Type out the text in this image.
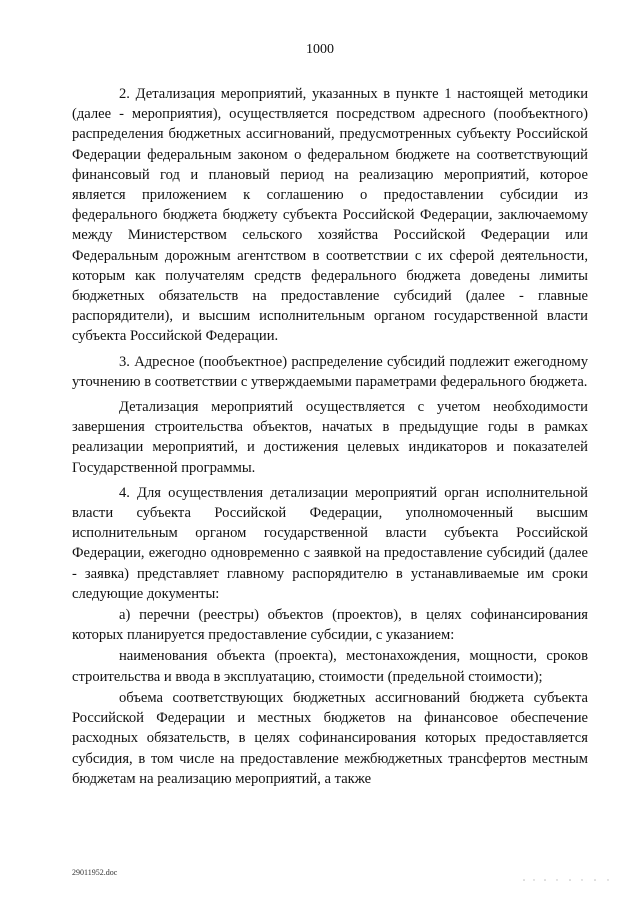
1000

2. Детализация мероприятий, указанных в пункте 1 настоящей методики (далее - мероприятия), осуществляется посредством адресного (пообъектного) распределения бюджетных ассигнований, предусмотренных субъекту Российской Федерации федеральным законом о федеральном бюджете на соответствующий финансовый год и плановый период на реализацию мероприятий, которое является приложением к соглашению о предоставлении субсидии из федерального бюджета бюджету субъекта Российской Федерации, заключаемому между Министерством сельского хозяйства Российской Федерации или Федеральным дорожным агентством в соответствии с их сферой деятельности, которым как получателям средств федерального бюджета доведены лимиты бюджетных обязательств на предоставление субсидий (далее - главные распорядители), и высшим исполнительным органом государственной власти субъекта Российской Федерации.

3. Адресное (пообъектное) распределение субсидий подлежит ежегодному уточнению в соответствии с утверждаемыми параметрами федерального бюджета.

Детализация мероприятий осуществляется с учетом необходимости завершения строительства объектов, начатых в предыдущие годы в рамках реализации мероприятий, и достижения целевых индикаторов и показателей Государственной программы.

4. Для осуществления детализации мероприятий орган исполнительной власти субъекта Российской Федерации, уполномоченный высшим исполнительным органом государственной власти субъекта Российской Федерации, ежегодно одновременно с заявкой на предоставление субсидий (далее - заявка) представляет главному распорядителю в устанавливаемые им сроки следующие документы:

а) перечни (реестры) объектов (проектов), в целях софинансирования которых планируется предоставление субсидии, с указанием:

наименования объекта (проекта), местонахождения, мощности, сроков строительства и ввода в эксплуатацию, стоимости (предельной стоимости);

объема соответствующих бюджетных ассигнований бюджета субъекта Российской Федерации и местных бюджетов на финансовое обеспечение расходных обязательств, в целях софинансирования которых предоставляется субсидия, в том числе на предоставление межбюджетных трансфертов местным бюджетам на реализацию мероприятий, а также

29011952.doc
